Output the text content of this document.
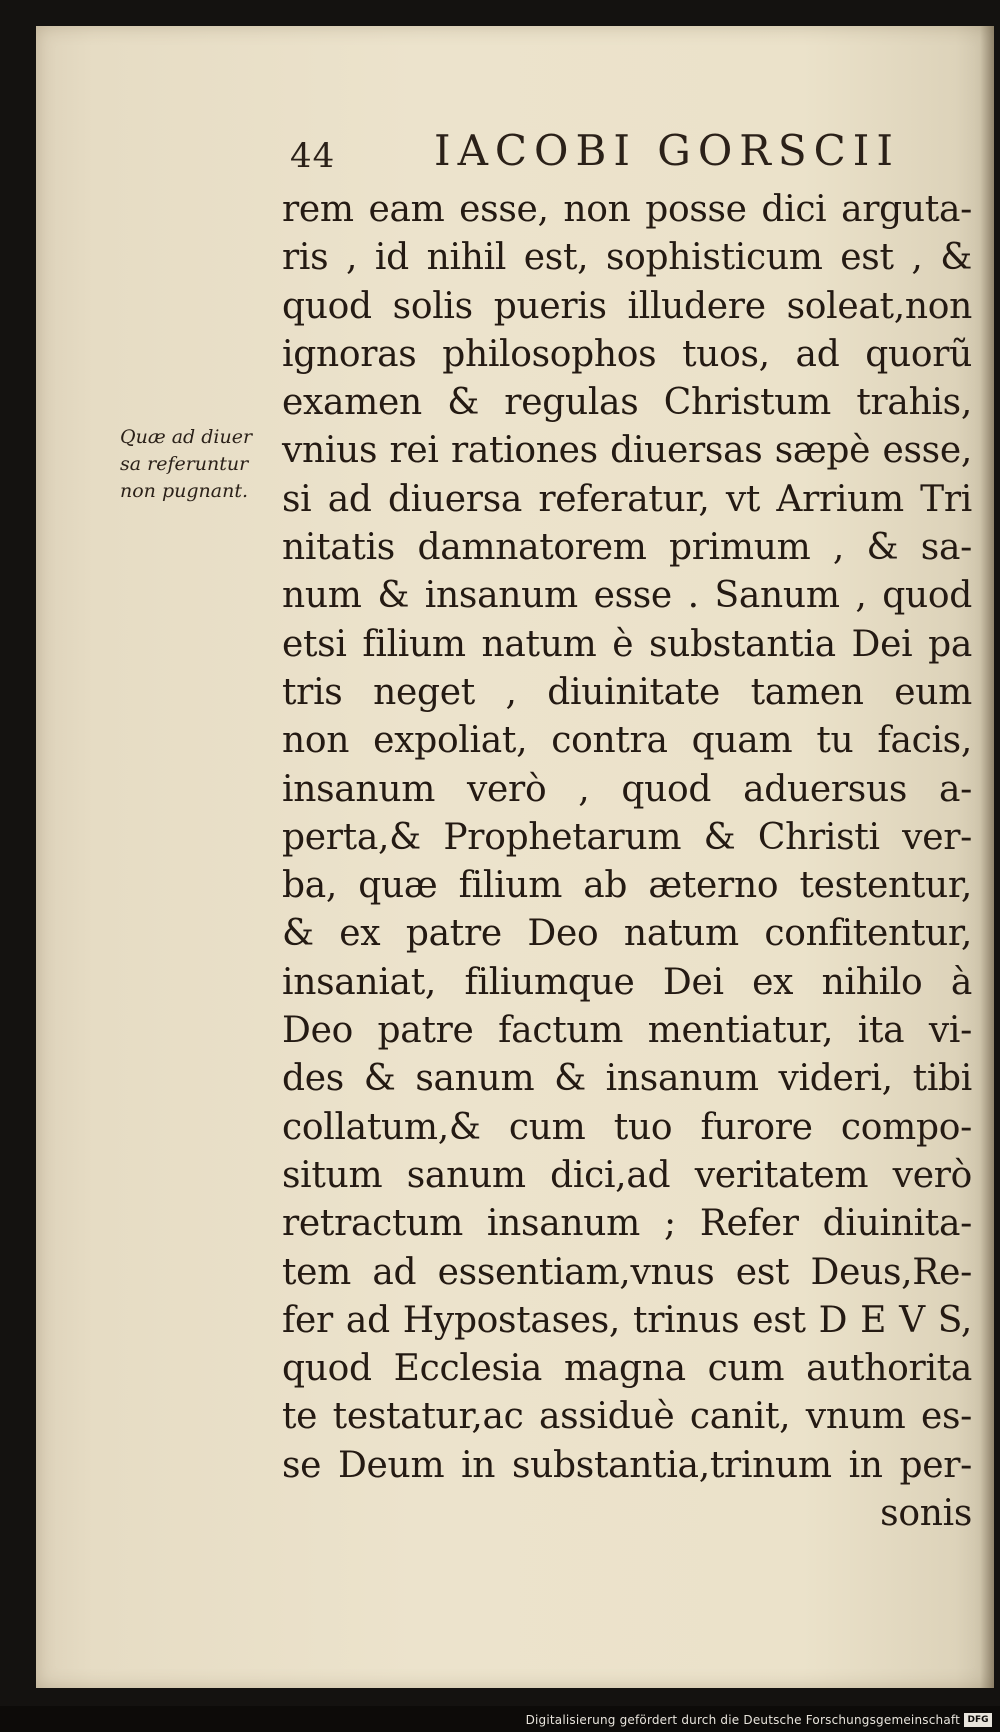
44 IACOBI GORSCII
Quæ ad diuer
sa referuntur
non pugnant.
rem eam esse, non posse dici arguta-
ris , id nihil est, sophisticum est , &
quod solis pueris illudere soleat,non
ignoras philosophos tuos, ad quorũ
examen & regulas Christum trahis,
vnius rei rationes diuersas sæpè esse,
si ad diuersa referatur, vt Arrium Tri
nitatis damnatorem primum , & sa-
num & insanum esse . Sanum , quod
etsi filium natum è substantia Dei pa
tris neget , diuinitate tamen eum
non expoliat, contra quam tu facis,
insanum verò , quod aduersus a-
perta,& Prophetarum & Christi ver-
ba, quæ filium ab æterno testentur,
& ex patre Deo natum confitentur,
insaniat, filiumque Dei ex nihilo à
Deo patre factum mentiatur, ita vi-
des & sanum & insanum videri, tibi
collatum,& cum tuo furore compo-
situm sanum dici,ad veritatem verò
retractum insanum ; Refer diuinita-
tem ad essentiam,vnus est Deus,Re-
fer ad Hypostases, trinus est D E V S,
quod Ecclesia magna cum authorita
te testatur,ac assiduè canit, vnum es-
se Deum in substantia,trinum in per-
sonis
Digitalisierung gefördert durch die Deutsche Forschungsgemeinschaft DFG
